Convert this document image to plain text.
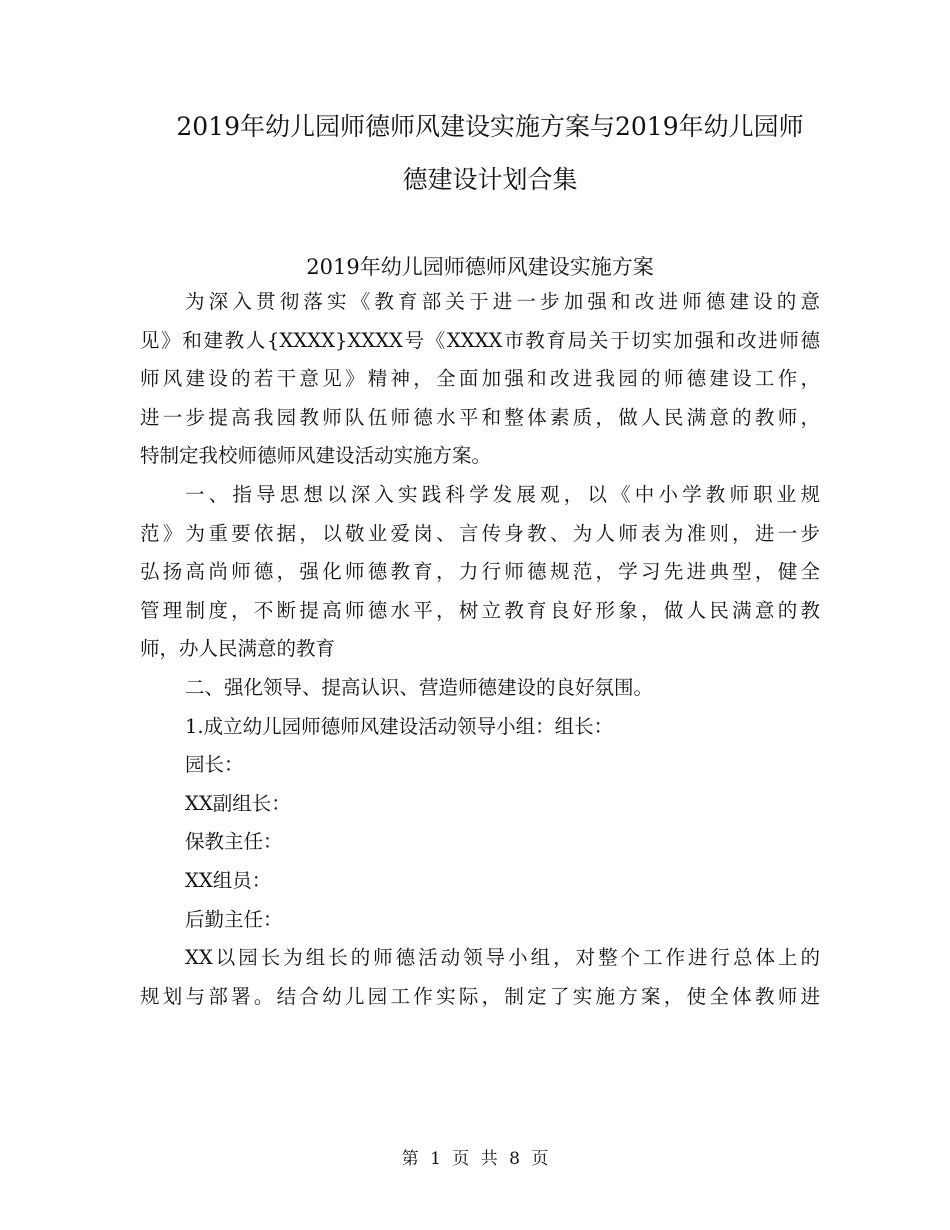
2019年幼儿园师德师风建设实施方案与2019年幼儿园师
德建设计划合集
2019年幼儿园师德师风建设实施方案
为深入贯彻落实《教育部关于进一步加强和改进师德建设的意
见》和建教人{XXXX}XXXX号《XXXX市教育局关于切实加强和改进师德
师风建设的若干意见》精神，全面加强和改进我园的师德建设工作，
进一步提高我园教师队伍师德水平和整体素质，做人民满意的教师，
特制定我校师德师风建设活动实施方案。
一、指导思想以深入实践科学发展观，以《中小学教师职业规
范》为重要依据，以敬业爱岗、言传身教、为人师表为准则，进一步
弘扬高尚师德，强化师德教育，力行师德规范，学习先进典型，健全
管理制度，不断提高师德水平，树立教育良好形象，做人民满意的教
师，办人民满意的教育
二、强化领导、提高认识、营造师德建设的良好氛围。
1.成立幼儿园师德师风建设活动领导小组：组长：
园长：
XX副组长：
保教主任：
XX组员：
后勤主任：
XX以园长为组长的师德活动领导小组，对整个工作进行总体上的
规划与部署。结合幼儿园工作实际，制定了实施方案，使全体教师进
第 1 页 共 8 页
